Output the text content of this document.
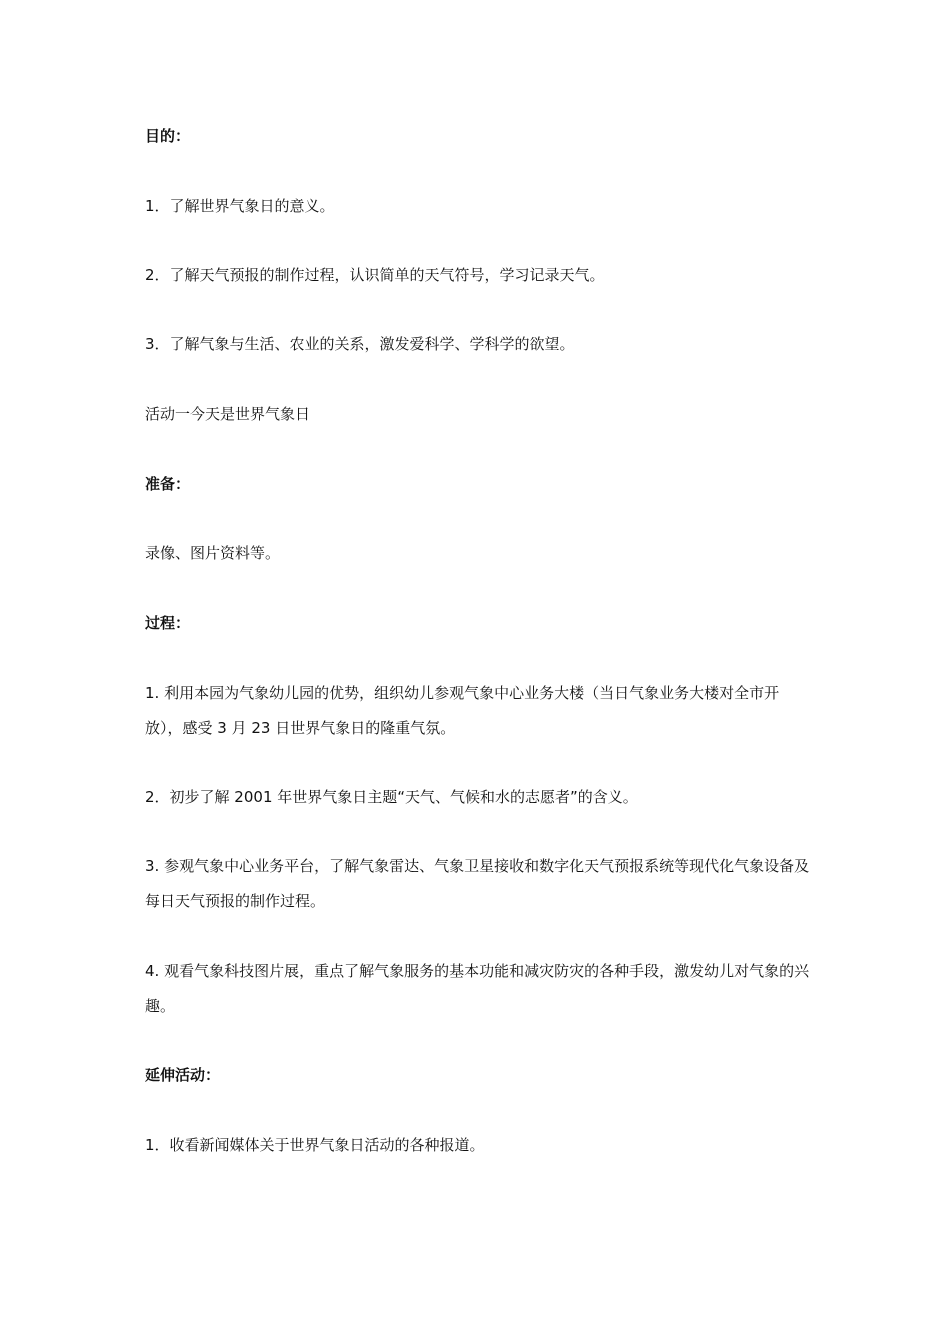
目的：
1．了解世界气象日的意义。
2．了解天气预报的制作过程，认识简单的天气符号，学习记录天气。
3．了解气象与生活、农业的关系，激发爱科学、学科学的欲望。
活动一今天是世界气象日
准备：
录像、图片资料等。
过程：
1. 利用本园为气象幼儿园的优势，组织幼儿参观气象中心业务大楼（当日气象业务大楼对全市开放），感受 3 月 23 日世界气象日的隆重气氛。
2．初步了解 2001 年世界气象日主题“天气、气候和水的志愿者”的含义。
3. 参观气象中心业务平台，了解气象雷达、气象卫星接收和数字化天气预报系统等现代化气象设备及每日天气预报的制作过程。
4. 观看气象科技图片展，重点了解气象服务的基本功能和减灾防灾的各种手段，激发幼儿对气象的兴趣。
延伸活动：
1．收看新闻媒体关于世界气象日活动的各种报道。
